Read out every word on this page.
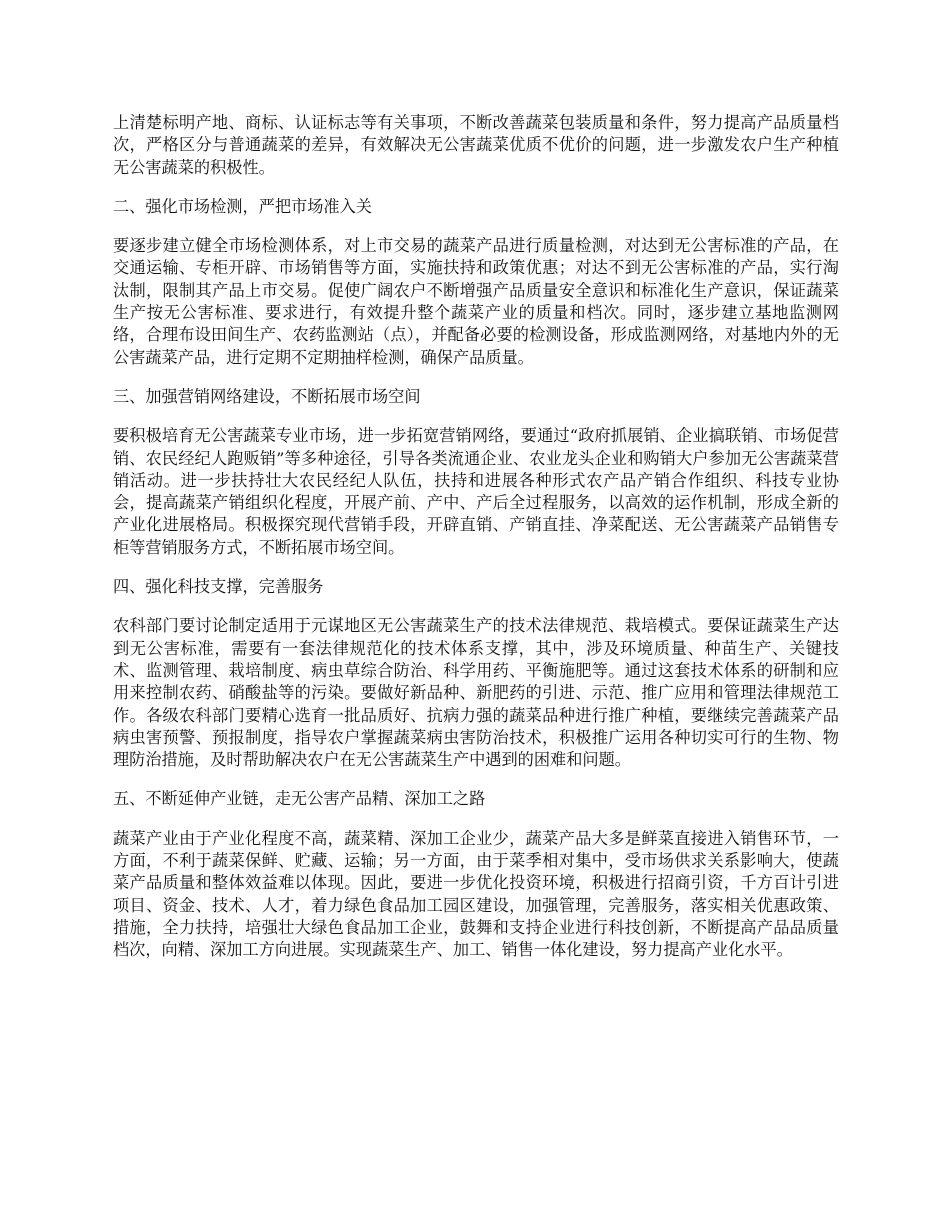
上清楚标明产地、商标、认证标志等有关事项，不断改善蔬菜包装质量和条件，努力提高产品质量档次，严格区分与普通蔬菜的差异，有效解决无公害蔬菜优质不优价的问题，进一步激发农户生产种植无公害蔬菜的积极性。

二、强化市场检测，严把市场准入关

要逐步建立健全市场检测体系，对上市交易的蔬菜产品进行质量检测，对达到无公害标准的产品，在交通运输、专柜开辟、市场销售等方面，实施扶持和政策优惠；对达不到无公害标准的产品，实行淘汰制，限制其产品上市交易。促使广阔农户不断增强产品质量安全意识和标准化生产意识，保证蔬菜生产按无公害标准、要求进行，有效提升整个蔬菜产业的质量和档次。同时，逐步建立基地监测网络，合理布设田间生产、农药监测站（点），并配备必要的检测设备，形成监测网络，对基地内外的无公害蔬菜产品，进行定期不定期抽样检测，确保产品质量。

三、加强营销网络建设，不断拓展市场空间

要积极培育无公害蔬菜专业市场，进一步拓宽营销网络，要通过“政府抓展销、企业搞联销、市场促营销、农民经纪人跑贩销”等多种途径，引导各类流通企业、农业龙头企业和购销大户参加无公害蔬菜营销活动。进一步扶持壮大农民经纪人队伍，扶持和进展各种形式农产品产销合作组织、科技专业协会，提高蔬菜产销组织化程度，开展产前、产中、产后全过程服务，以高效的运作机制，形成全新的产业化进展格局。积极探究现代营销手段，开辟直销、产销直挂、净菜配送、无公害蔬菜产品销售专柜等营销服务方式，不断拓展市场空间。

四、强化科技支撑，完善服务

农科部门要讨论制定适用于元谋地区无公害蔬菜生产的技术法律规范、栽培模式。要保证蔬菜生产达到无公害标准，需要有一套法律规范化的技术体系支撑，其中，涉及环境质量、种苗生产、关键技术、监测管理、栽培制度、病虫草综合防治、科学用药、平衡施肥等。通过这套技术体系的研制和应用来控制农药、硝酸盐等的污染。要做好新品种、新肥药的引进、示范、推广应用和管理法律规范工作。各级农科部门要精心选育一批品质好、抗病力强的蔬菜品种进行推广种植，要继续完善蔬菜产品病虫害预警、预报制度，指导农户掌握蔬菜病虫害防治技术，积极推广运用各种切实可行的生物、物理防治措施，及时帮助解决农户在无公害蔬菜生产中遇到的困难和问题。

五、不断延伸产业链，走无公害产品精、深加工之路

蔬菜产业由于产业化程度不高，蔬菜精、深加工企业少，蔬菜产品大多是鲜菜直接进入销售环节，一方面，不利于蔬菜保鲜、贮藏、运输；另一方面，由于菜季相对集中，受市场供求关系影响大，使蔬菜产品质量和整体效益难以体现。因此，要进一步优化投资环境，积极进行招商引资，千方百计引进项目、资金、技术、人才，着力绿色食品加工园区建设，加强管理，完善服务，落实相关优惠政策、措施，全力扶持，培强壮大绿色食品加工企业，鼓舞和支持企业进行科技创新，不断提高产品品质量档次，向精、深加工方向进展。实现蔬菜生产、加工、销售一体化建设，努力提高产业化水平。
